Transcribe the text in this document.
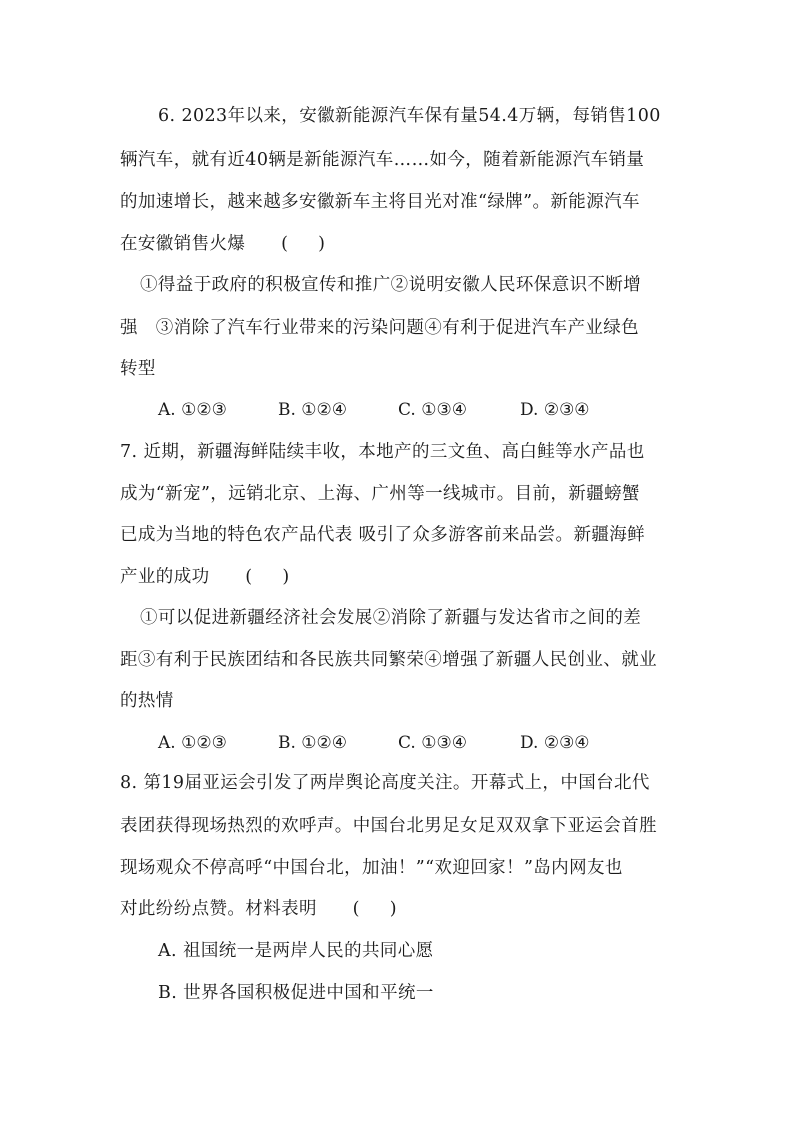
6. 2023年以来，安徽新能源汽车保有量54.4万辆，每销售100
辆汽车，就有近40辆是新能源汽车……如今，随着新能源汽车销量
的加速增长，越来越多安徽新车主将目光对准“绿牌”。新能源汽车
在安徽销售火爆      (     )
①得益于政府的积极宣传和推广②说明安徽人民环保意识不断增
强   ③消除了汽车行业带来的污染问题④有利于促进汽车产业绿色
转型

A. ①②③

	B. ①②④

	C. ①③④

	D. ②③④

7. 近期，新疆海鲜陆续丰收，本地产的三文鱼、高白鲑等水产品也
成为“新宠”，远销北京、上海、广州等一线城市。目前，新疆螃蟹
已成为当地的特色农产品代表 吸引了众多游客前来品尝。新疆海鲜
产业的成功      (     )
①可以促进新疆经济社会发展②消除了新疆与发达省市之间的差
距③有利于民族团结和各民族共同繁荣④增强了新疆人民创业、就业
的热情

A. ①②③

	B. ①②④

	C. ①③④

	D. ②③④

8. 第19届亚运会引发了两岸舆论高度关注。开幕式上，中国台北代
表团获得现场热烈的欢呼声。中国台北男足女足双双拿下亚运会首胜
现场观众不停高呼“中国台北，加油！”“欢迎回家！”岛内网友也
对此纷纷点赞。材料表明      (     )
A. 祖国统一是两岸人民的共同心愿
B. 世界各国积极促进中国和平统一
